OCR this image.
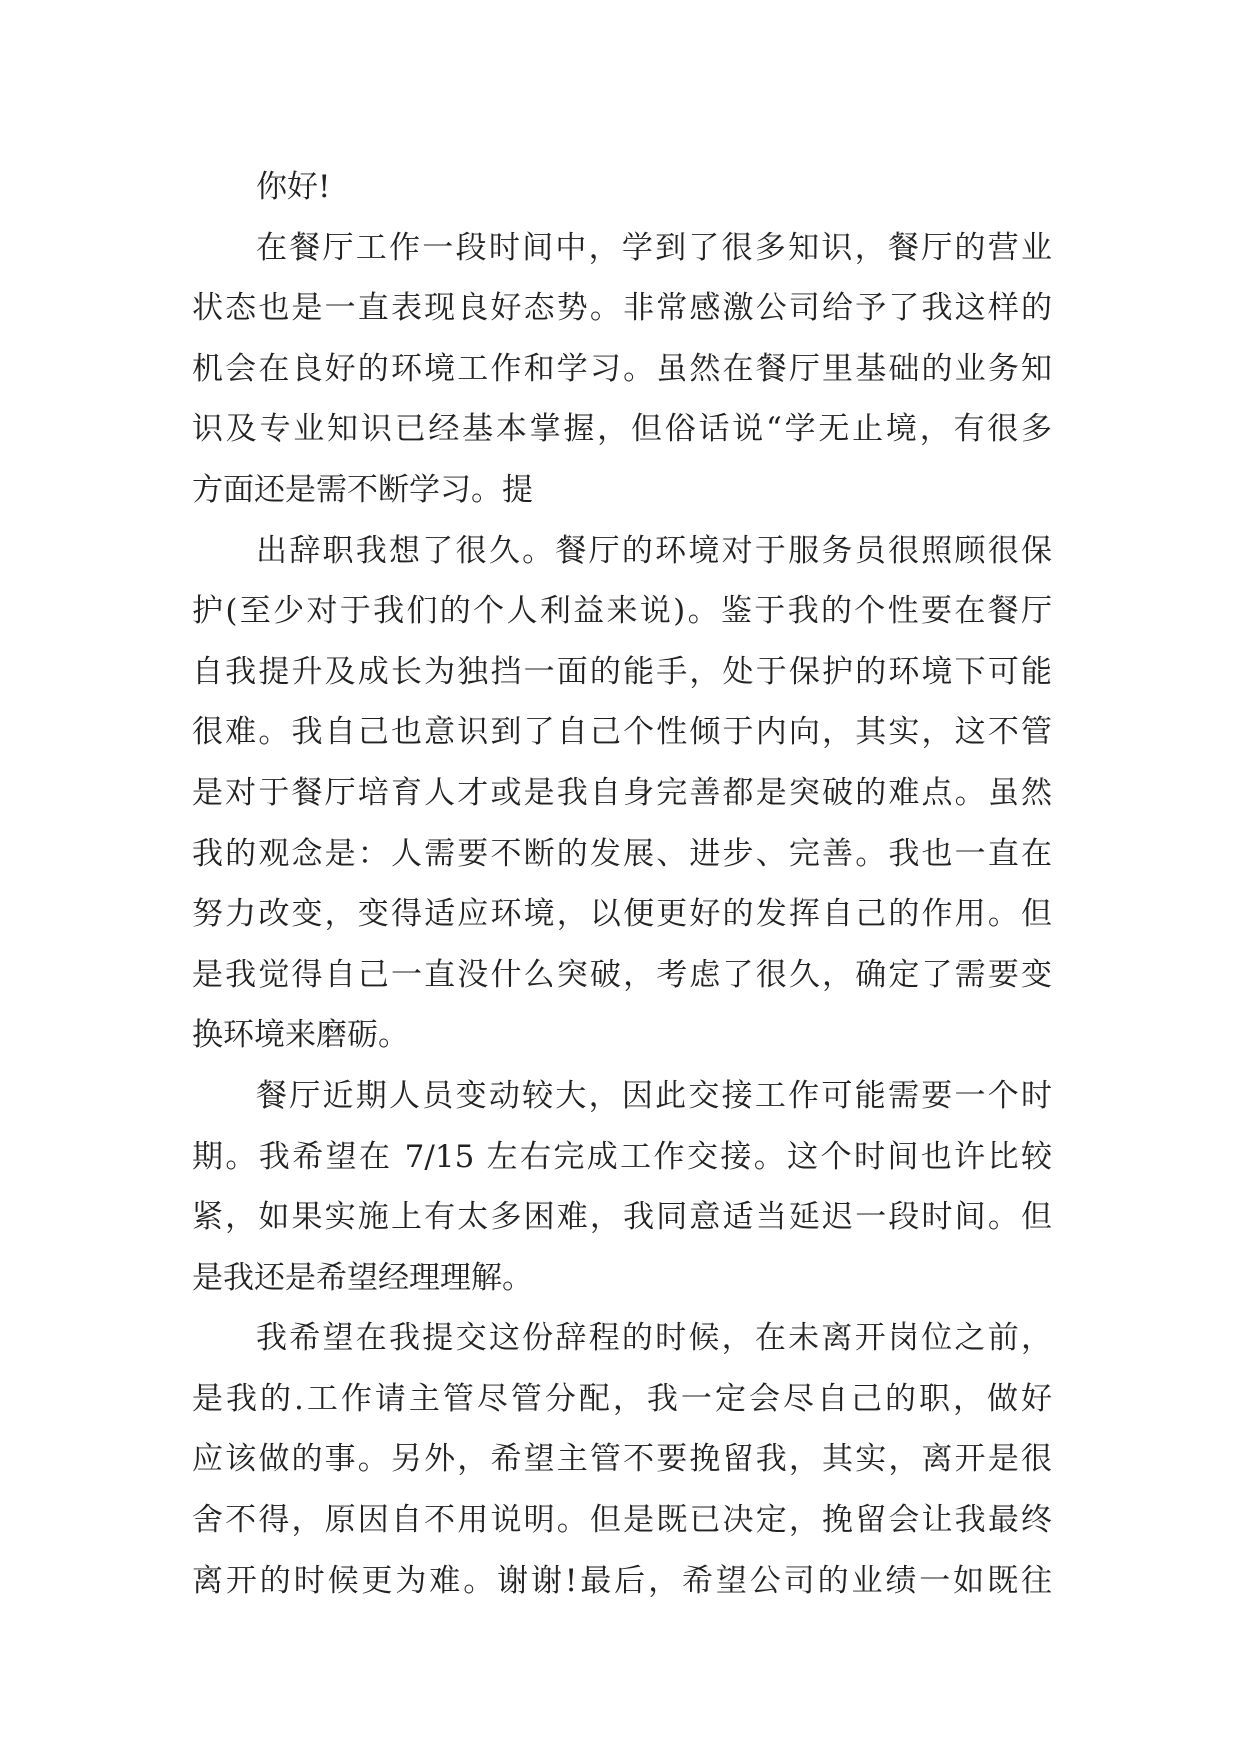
你好!
在餐厅工作一段时间中，学到了很多知识，餐厅的营业
状态也是一直表现良好态势。非常感激公司给予了我这样的
机会在良好的环境工作和学习。虽然在餐厅里基础的业务知
识及专业知识已经基本掌握，但俗话说“学无止境，有很多
方面还是需不断学习。提
出辞职我想了很久。餐厅的环境对于服务员很照顾很保
护(至少对于我们的个人利益来说)。鉴于我的个性要在餐厅
自我提升及成长为独挡一面的能手，处于保护的环境下可能
很难。我自己也意识到了自己个性倾于内向，其实，这不管
是对于餐厅培育人才或是我自身完善都是突破的难点。虽然
我的观念是：人需要不断的发展、进步、完善。我也一直在
努力改变，变得适应环境，以便更好的发挥自己的作用。但
是我觉得自己一直没什么突破，考虑了很久，确定了需要变
换环境来磨砺。
餐厅近期人员变动较大，因此交接工作可能需要一个时
期。我希望在 7/15 左右完成工作交接。这个时间也许比较
紧，如果实施上有太多困难，我同意适当延迟一段时间。但
是我还是希望经理理解。
我希望在我提交这份辞程的时候，在未离开岗位之前，
是我的.工作请主管尽管分配，我一定会尽自己的职，做好
应该做的事。另外，希望主管不要挽留我，其实，离开是很
舍不得，原因自不用说明。但是既已决定，挽留会让我最终
离开的时候更为难。谢谢!最后，希望公司的业绩一如既往
